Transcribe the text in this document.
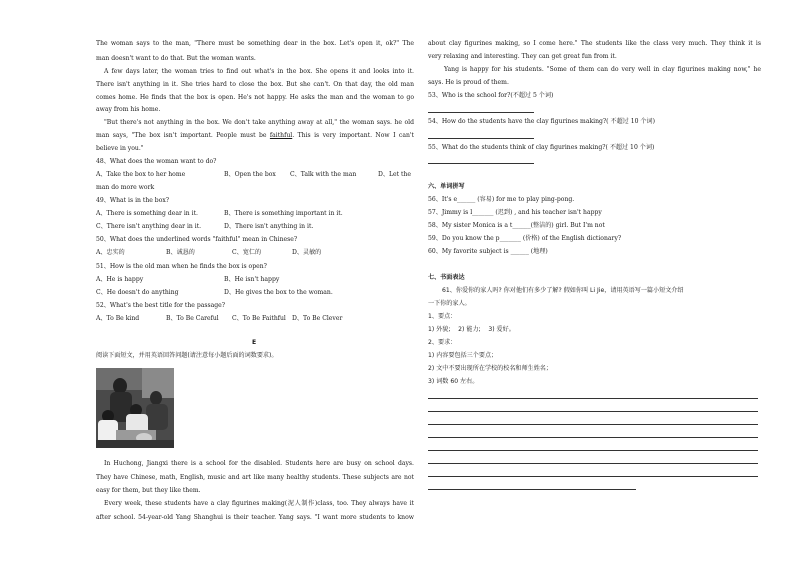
The woman says to the man, "There must be something dear in the box. Let's open it, ok?" The
man doesn't want to do that. But the woman wants.
A few days later, the woman tries to find out what's in the box. She opens it and looks into it.
There isn't anything in it. She tries hard to close the box. But she can't. On that day, the old man
comes home. He finds that the box is open. He's not happy. He asks the man and the woman to go
away from his home.
"But there's not anything in the box. We don't take anything away at all," the woman says. he old
man says, "The box isn't important. People must be faithful. This is very important. Now I can't
believe in you."
48、What does the woman want to do?
A、Take the box to her home	B、Open the box C、Talk with the man	D、Let the
man do more work
49、What is in the box?
A、There is something dear in it.	B、There is something important in it.
C、There isn't anything dear in it.	D、There isn't anything in it.
50、What does the underlined words "faithful" mean in Chinese?
A、忠实的	B、诚恳的	C、宽仁的	D、灵敏的
51、How is the old man when he finds the box is open?
A、He is happy	B、He isn't happy
C、He doesn't do anything	D、He gives the box to the woman.
52、What's the best title for the passage?
A、To Be kind	B、To Be Careful C、To Be Faithful D、To Be Clever
E
阅读下面短文，并用英语回答问题(请注意每小题后面的词数要求)。
In Huchong, Jiangxi there is a school for the disabled. Students here are busy on school days.
They have Chinese, math, English, music and art like many healthy students. These subjects are not
easy for them, but they like them.
Every week, these students have a clay figurines making(泥人制作)class, too. They always have it
after school. 54-year-old Yang Shanghui is their teacher. Yang says. "I want more students to know
about clay figurines making, so I come here." The students like the class very much. They think it is
very relaxing and interesting. They can get great fun from it.
Yang is happy for his students. "Some of them can do very well in clay figurines making now," he
says. He is proud of them.
53、Who is the school for?(不超过 5 个词)
54、How do the students have the clay figurines making?( 不超过 10 个词)
55、What do the students think of clay figurines making?( 不超过 10 个词)
六、单词拼写
56、It's e______ (容易) for me to play ping-pong.
57、Jimmy is l_______ (迟到) , and his teacher isn't happy
58、My sister Monica is a t______(整洁的) girl. But I'm not
59、Do you know the p_______ (价格) of the English dictionary?
60、My favorite subject is ______ (地理)
七、书面表达
61、你爱你的家人吗? 你对他们有多少了解? 假如你叫 Li Jie，请用英语写一篇小短文介绍
一下你的家人。
1、要点：
1) 外貌;    2) 能力;    3) 爱好。
2、要求：
1) 内容要包括三个要点；
2) 文中不要出现所在学校的校名和师生姓名；
3) 词数 60 左右。
